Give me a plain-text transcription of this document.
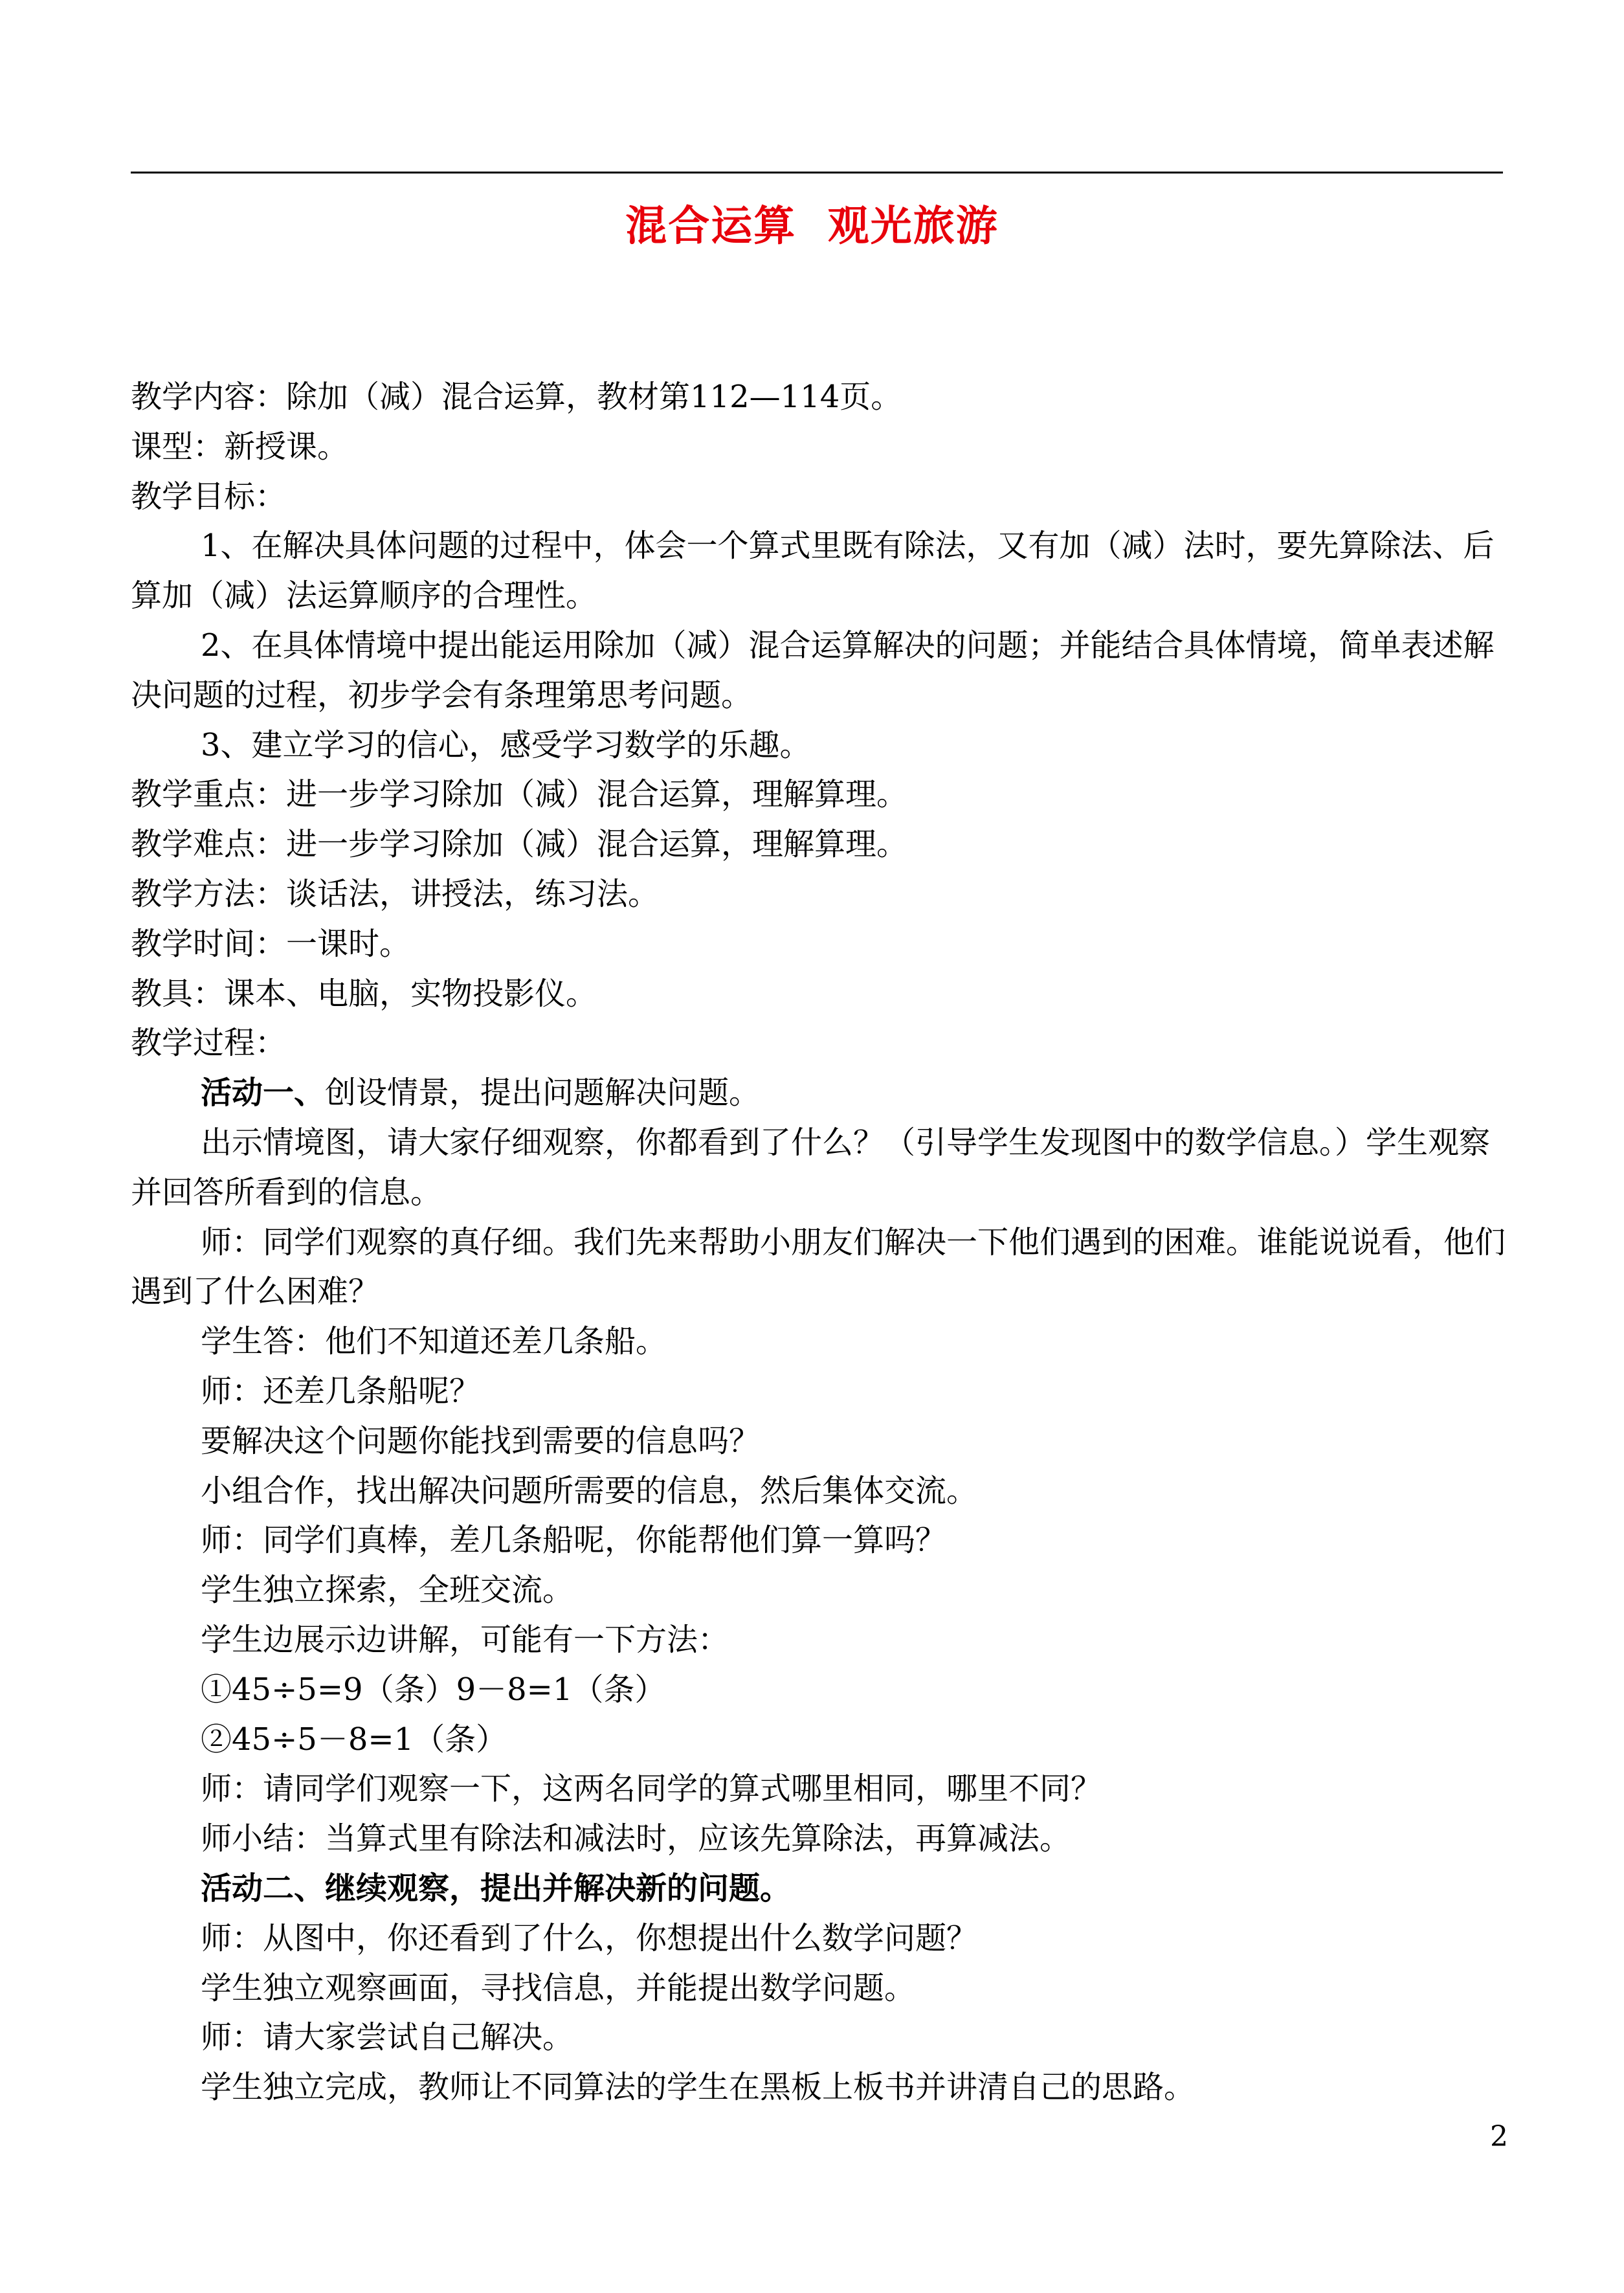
混合运算  观光旅游

教学内容：除加（减）混合运算，教材第112—114页。

课型：新授课。

教学目标：

1、在解决具体问题的过程中，体会一个算式里既有除法，又有加（减）法时，要先算除法、后算加（减）法运算顺序的合理性。

2、在具体情境中提出能运用除加（减）混合运算解决的问题；并能结合具体情境，简单表述解决问题的过程，初步学会有条理第思考问题。

3、建立学习的信心，感受学习数学的乐趣。

教学重点：进一步学习除加（减）混合运算，理解算理。

教学难点：进一步学习除加（减）混合运算，理解算理。

教学方法：谈话法，讲授法，练习法。

教学时间：一课时。

教具：课本、电脑，实物投影仪。

教学过程：

活动一、创设情景，提出问题解决问题。

出示情境图，请大家仔细观察，你都看到了什么？（引导学生发现图中的数学信息。）学生观察并回答所看到的信息。

师：同学们观察的真仔细。我们先来帮助小朋友们解决一下他们遇到的困难。谁能说说看，他们遇到了什么困难？

学生答：他们不知道还差几条船。

师：还差几条船呢？

要解决这个问题你能找到需要的信息吗？

小组合作，找出解决问题所需要的信息，然后集体交流。

师：同学们真棒，差几条船呢，你能帮他们算一算吗？

学生独立探索，全班交流。

学生边展示边讲解，可能有一下方法：

①45÷5=9（条）9－8=1（条）

②45÷5－8=1（条）

师：请同学们观察一下，这两名同学的算式哪里相同，哪里不同？

师小结：当算式里有除法和减法时，应该先算除法，再算减法。

活动二、继续观察，提出并解决新的问题。

师：从图中，你还看到了什么，你想提出什么数学问题？

学生独立观察画面，寻找信息，并能提出数学问题。

师：请大家尝试自己解决。

学生独立完成，教师让不同算法的学生在黑板上板书并讲清自己的思路。

2
